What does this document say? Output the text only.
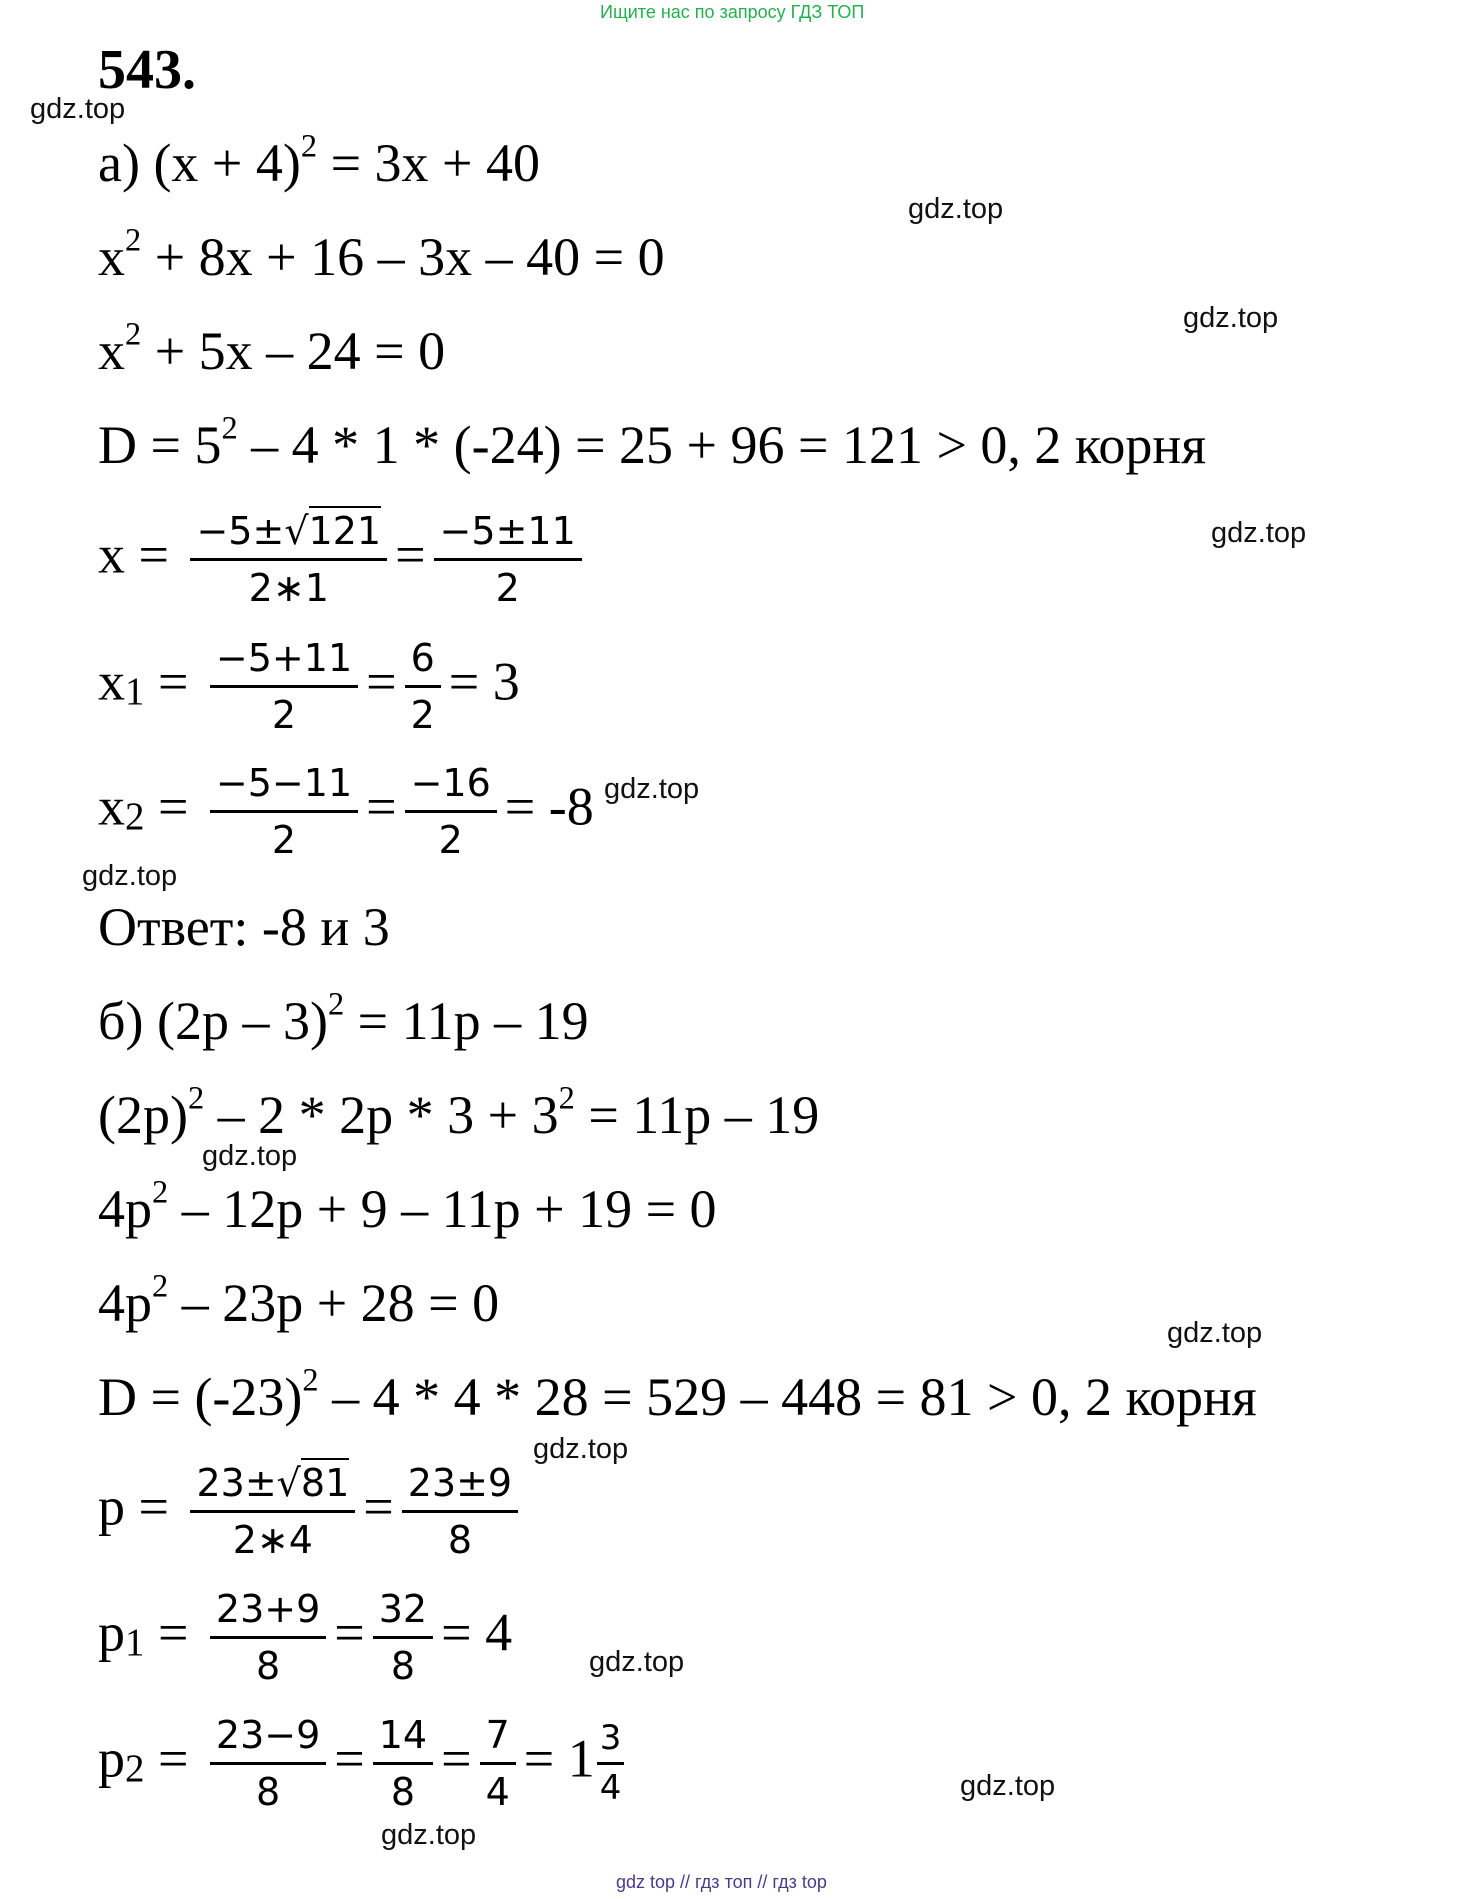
Ищите нас по запросу ГДЗ ТОП
543.
gdz.top
gdz.top
gdz.top
gdz.top
gdz.top
gdz.top
gdz.top
gdz.top
gdz.top
gdz.top
gdz.top
gdz.top
а) $(x + 4)^2 = 3x + 40$
$x^2 + 8x + 16 - 3x - 40 = 0$
$x^2 + 5x - 24 = 0$
$D = 5^2 - 4 * 1 * (-24) = 25 + 96 = 121 > 0$, 2 корня
$x = \frac{-5\pm√121}{2∗1} = \frac{-5\pm 11}{2}$
$x1 = \frac{-5+11}{2} = \frac{6}{2} = 3$
$x2 = \frac{-5-11}{2} = \frac{-16}{2} = -8$
Ответ: -8 и 3
б) (2p – 3)$^2$ = 11p – 19
$(2p)^2 - 2 * 2p * 3 + 3^2 = 11p - 19$
$4p^2 - 12p + 9 - 11p + 19 = 0$
$4p^2 - 23p + 28 = 0$
$D = (-23)^2 - 4 * 4 * 28 = 529 - 448 = 81 > 0$, 2 корня
$p = \frac{23\pm√81}{2∗4} = \frac{23\pm 9}{8}$
$p1 = \frac{23+9}{8} = \frac{32}{8} = 4$
$p2 = \frac{23-9}{8} = \frac{14}{8} = \frac{7}{4} = 1 \frac{3}{4}$
gdz top // гдз топ // гдз top
